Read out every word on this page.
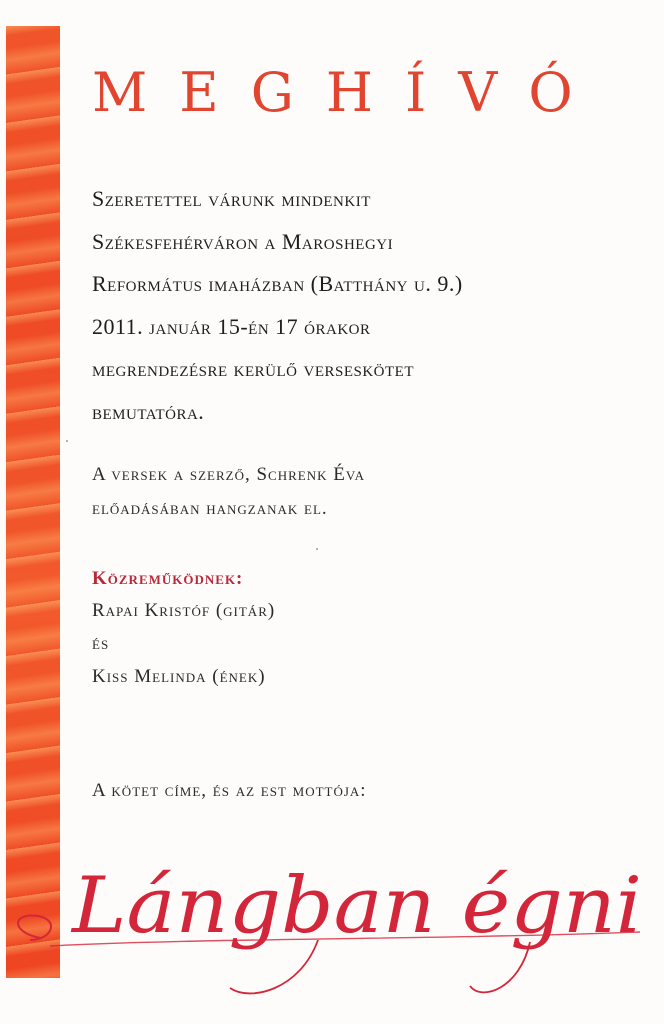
MEGHÍVÓ

Szeretettel várunk mindenkit
Székesfehérváron a Maroshegyi
Református imaházban (Batthány u. 9.)
2011. január 15-én 17 órakor
megrendezésre kerülő verseskötet
bemutatóra.

A versek a szerző, Schrenk Éva
előadásában hangzanak el.
Közreműködnek:
Rapai Kristóf (gitár)
és
Kiss Melinda (ének)
A kötet címe, és az est mottója:
Lángban égni
